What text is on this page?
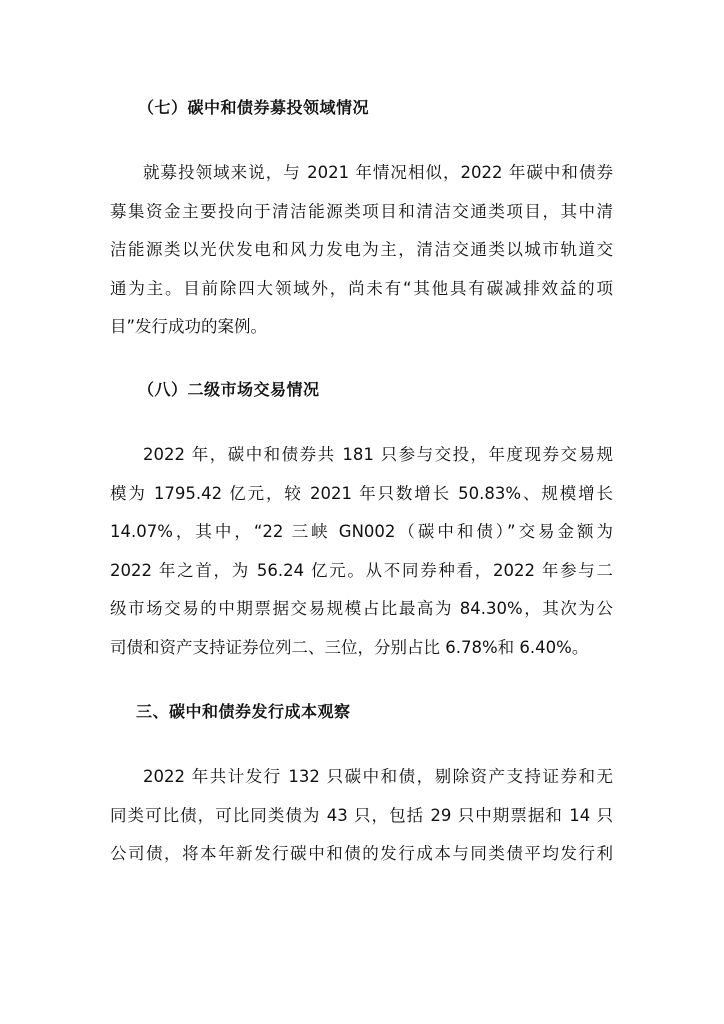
（七）碳中和债券募投领域情况
就募投领域来说，与 2021 年情况相似，2022 年碳中和债券
募集资金主要投向于清洁能源类项目和清洁交通类项目，其中清
洁能源类以光伏发电和风力发电为主，清洁交通类以城市轨道交
通为主。目前除四大领域外，尚未有“其他具有碳减排效益的项
目”发行成功的案例。
（八）二级市场交易情况
2022 年，碳中和债券共 181 只参与交投，年度现券交易规
模为 1795.42 亿元，较 2021 年只数增长 50.83%、规模增长
14.07%，其中，“22 三峡 GN002（碳中和债）”交易金额为
2022 年之首，为 56.24 亿元。从不同券种看，2022 年参与二
级市场交易的中期票据交易规模占比最高为 84.30%，其次为公
司债和资产支持证券位列二、三位，分别占比 6.78%和 6.40%。
三、碳中和债券发行成本观察
2022 年共计发行 132 只碳中和债，剔除资产支持证券和无
同类可比债，可比同类债为 43 只，包括 29 只中期票据和 14 只
公司债，将本年新发行碳中和债的发行成本与同类债平均发行利
